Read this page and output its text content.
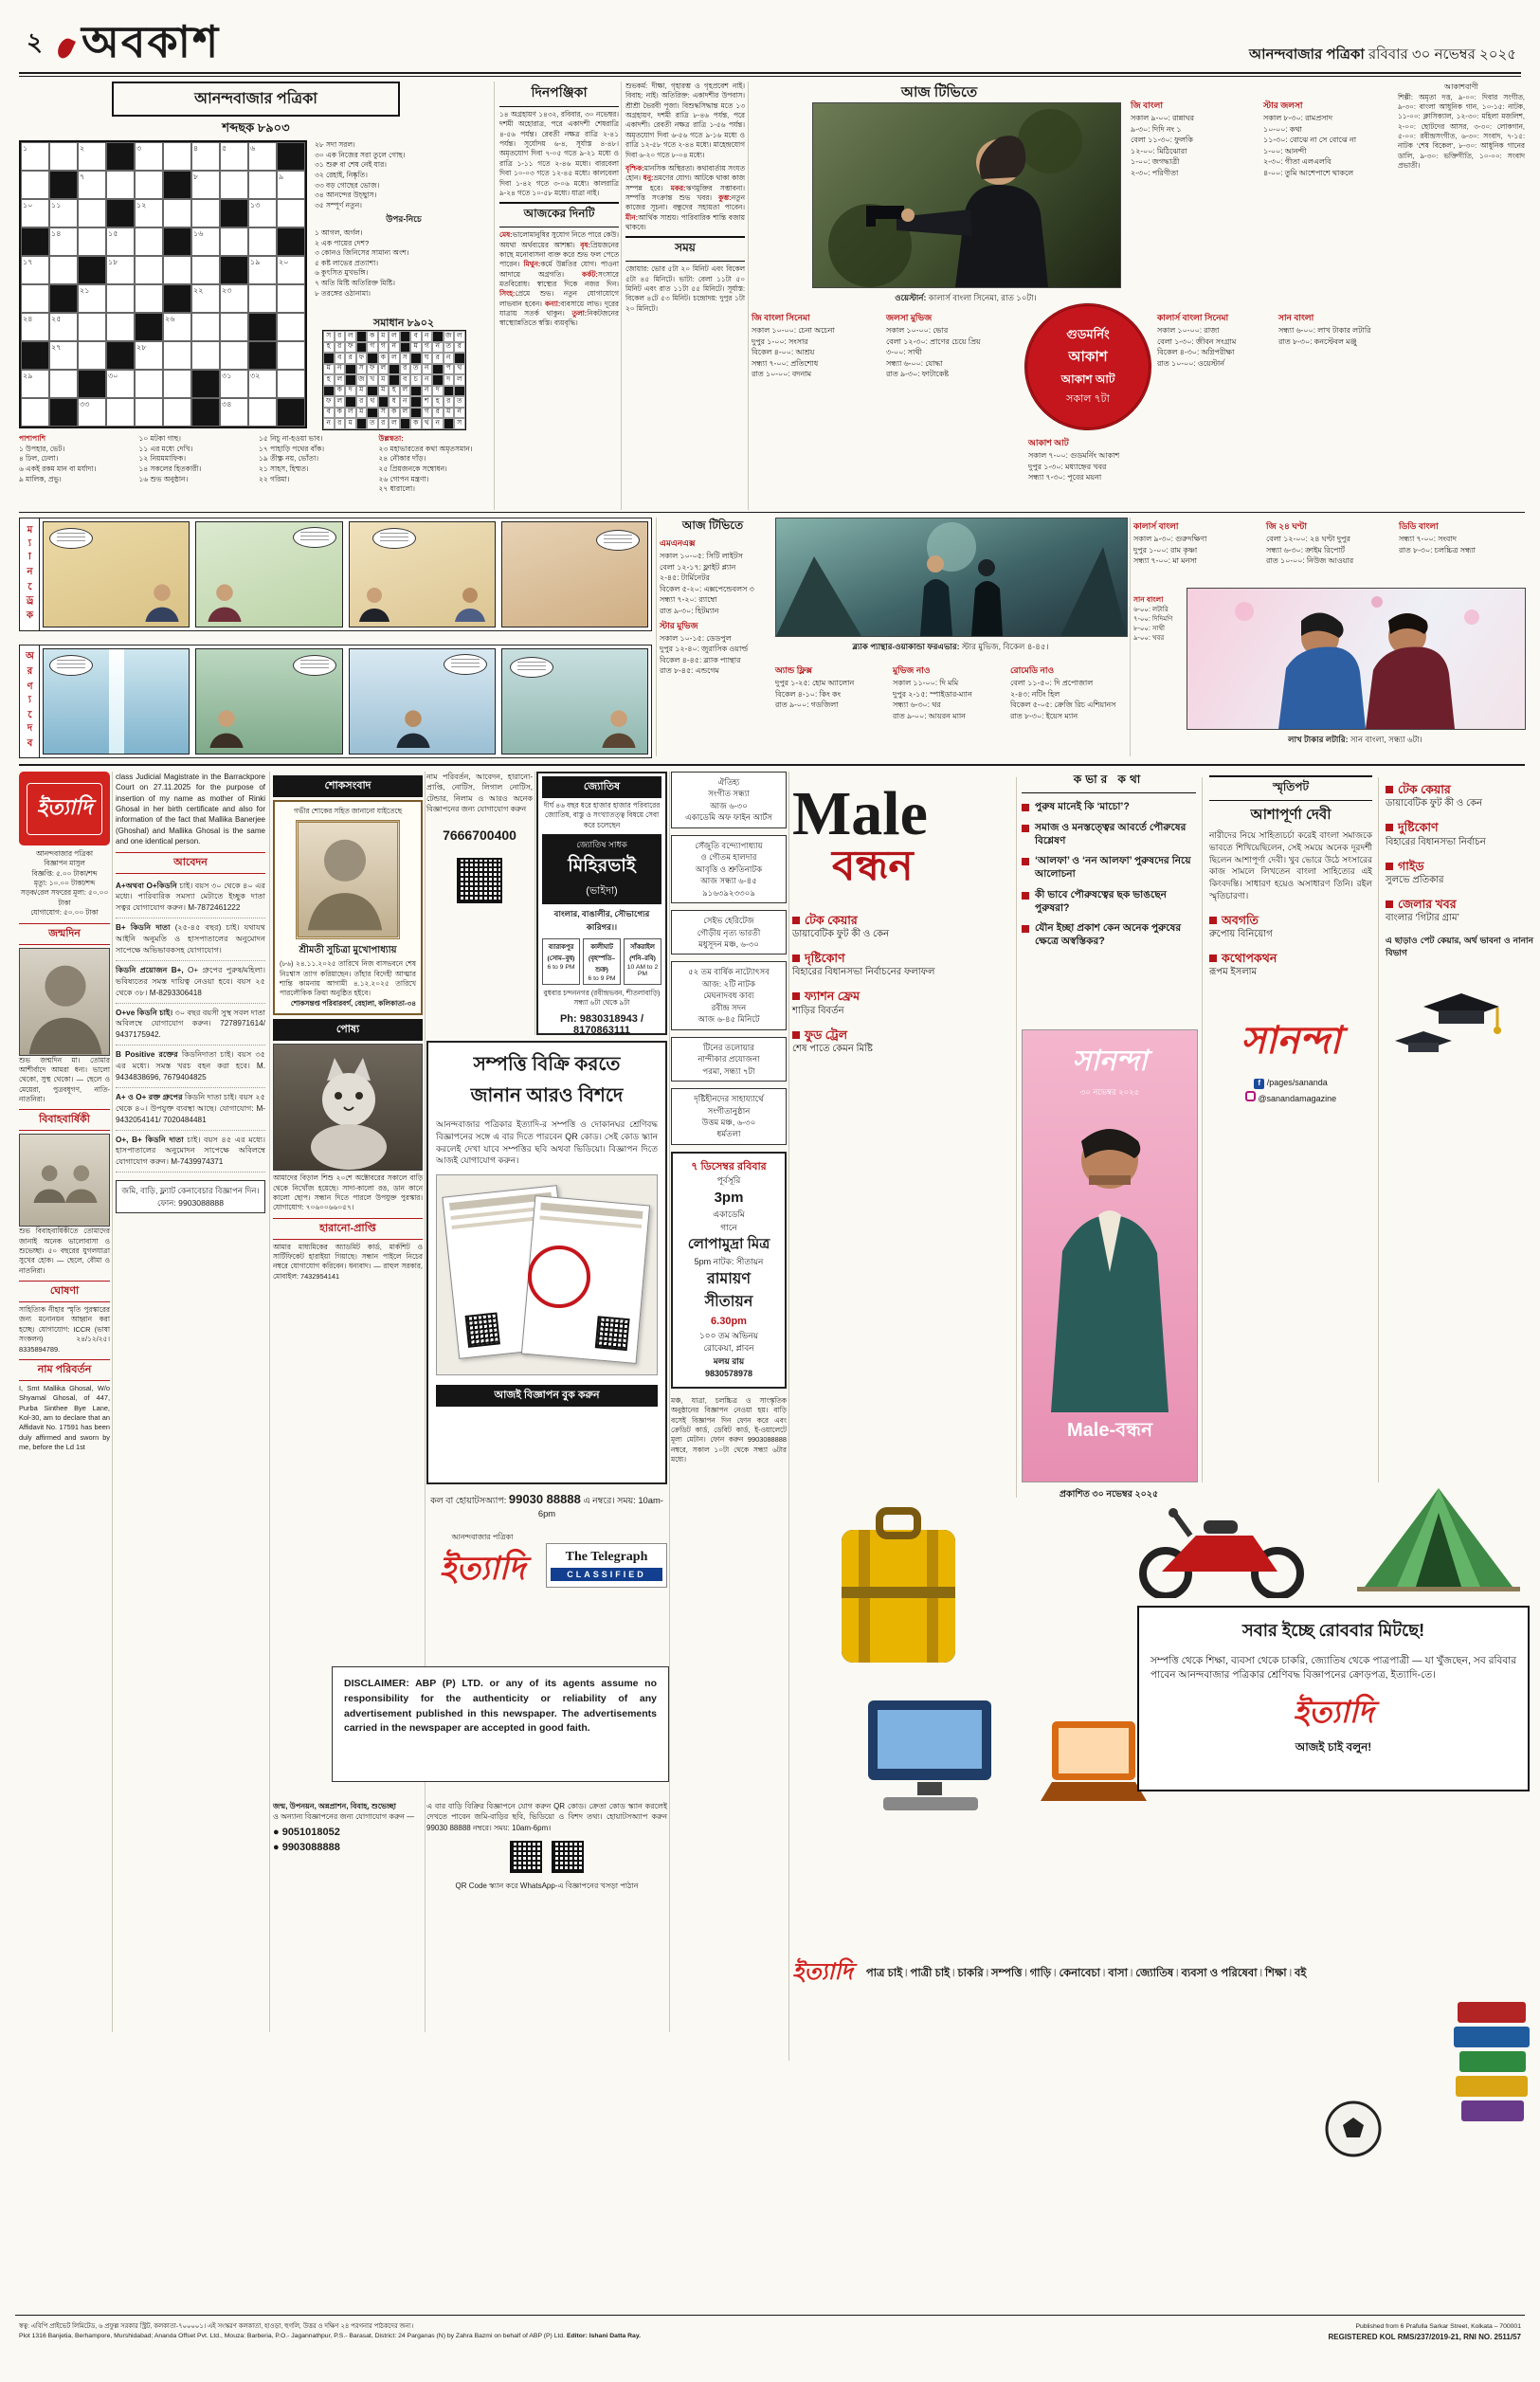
২ অবকাশ	আনন্দবাজার পত্রিকা রবিবার ৩০ নভেম্বর ২০২৫
আনন্দবাজার পত্রিকা
শব্দছক ৮৯০৩
১	২	৩	৪	৫	৬
৭	৮	৯
১০ ১১	১২	১৩
১৪	১৫	১৬
১৭	১৮	১৯ ২০
২১	২২ ২৩
২৪ ২৫	২৬
২৭	২৮
২৯	৩০	৩১ ৩২
৩৩	৩৪
২৮ সদা সরল।
৩০ এক নিজের সরা তুলে গোছ।
৩১ শুরু বা শেষ নেই যার।
৩২ রেহাই, নিষ্কৃতি।
৩৩ বড় গোছের ভোজ।
৩৪ আনন্দের উচ্ছ্বাস।
৩৫ সম্পূর্ণ নতুন।
উপর-নিচে
১ আগল, অর্গল।
২ এক পায়ের দেশ?
৩ কোনও জিনিসের সামান্য অংশ।
৫ কষ্ট লাভের প্রত্যাশা।
৬ কুৎসিত মুখভঙ্গি।
৭ অতি মিষ্টি অতিরিক্ত মিষ্টি।
৮ তরঙ্গের ওঠানামা।
সমাধান ৮৯০২
স র ল	ক ম ল	ব ন	জ ল
হ র ফ	গ গ ন	ম গ ন ত র
ব র ফ	ক ল স	ঘ র ন
ম ন	স ফ ল	র ত ন	প থ
হ ল	জ খ ম	ব চ ন	দ ল
ক দ ম	ম হ ল	ন দ
ফ ল	র থ	ধ ন	শ হ র ত
ব ক ল ম	স ক ল	গ র ম ন
ন র ম	ত র ল	ক থ ন	স
পাশাপাশি
১ উপহার, ভেট।
৪ ঢিল, ঢেলা।
৬ একই রকম মান বা মর্যাদা।
৯ মালিক, প্রভু।
১০ মটকা গাছ।
১১ এর মধ্যে দেখি।
১২ নিয়মমাফিক।
১৪ সকলের হিতকারী।
১৬ শুভ অনুষ্ঠান।
১৫ নিচু না-হওয়া ভাব।
১৭ পাহাড়ি পথের বাঁক।
১৯ তীক্ষ্ণ নয়, ভোঁতা।
২১ সাহস, হিম্মত।
২২ গরিমা।
উল্লম্বতা:
২৩ মহাভারতের কথা অমৃতসমান।
২৪ নৌকার দাঁড়।
২৫ প্রিয়জনকে সম্বোধন।
২৬ গোপন মন্ত্রণা।
২৭ ধারালো।
দিনপঞ্জিকা
১৪ অগ্রহায়ণ ১৪৩২, রবিবার, ৩০ নভেম্বর। দশমী অহোরাত্র, পরে একাদশী শেষরাত্রি ৪-৫৬ পর্যন্ত। রেবতী নক্ষত্র রাত্রি ২-৪১ পর্যন্ত। সূর্যোদয় ৬-৪, সূর্যাস্ত ৪-৪৮। অমৃতযোগ দিবা ৭-০৫ গতে ৯-২১ মধ্যে ও রাত্রি ১-১১ গতে ২-৪৬ মধ্যে। বারবেলা দিবা ১০-০৩ গতে ১২-৪৫ মধ্যে। কালবেলা দিবা ১-৪২ গতে ৩-০৬ মধ্যে। কালরাত্রি ৯-২৪ গতে ১০-৫৮ মধ্যে। যাত্রা নাই।
আজকের দিনটি
মেষ:ভালোমানুষির সুযোগ নিতে পারে কেউ। অযথা অর্থব্যয়ের আশঙ্কা। বৃষ:প্রিয়জনের কাছে মনোবাসনা ব্যক্ত করে শুভ ফল পেতে পারেন। মিথুন:কর্মে উন্নতির যোগ। পাওনা আদায়ে অগ্রগতি। কর্কট:সংসারে মতবিরোধ। স্বাস্থ্যের দিকে নজর দিন। সিংহ:প্রেমে শুভ। নতুন যোগাযোগে লাভবান হবেন। কন্যা:ব্যবসায়ে লাভ। দূরের যাত্রায় সতর্ক থাকুন। তুলা:নিকটজনের স্বাস্থ্যোন্নতিতে স্বস্তি। ব্যয়বৃদ্ধি।
শুভকর্ম: দীক্ষা, গৃহারম্ভ ও গৃহপ্রবেশ নাই। বিবাহ: নাই। অতিরিক্ত: একাদশীর উপবাস। শ্রীশ্রী ভৈরবী পূজা। বিশুদ্ধসিদ্ধান্ত মতে ১৩ অগ্রহায়ণ, দশমী রাত্রি ৮-৪৬ পর্যন্ত, পরে একাদশী। রেবতী নক্ষত্র রাত্রি ১-৫৬ পর্যন্ত। অমৃতযোগ দিবা ৬-৫৬ গতে ৯-১৬ মধ্যে ও রাত্রি ১২-৫৮ গতে ২-৪৪ মধ্যে। মাহেন্দ্রযোগ দিবা ৬-২০ গতে ৮-০৪ মধ্যে।
বৃশ্চিক:মানসিক অস্থিরতা। কথাবার্তায় সংযত হোন। ধনু:ভ্রমণের যোগ। আটকে থাকা কাজ সম্পন্ন হবে। মকর:ঋণমুক্তির সম্ভাবনা। সম্পত্তি সংক্রান্ত শুভ খবর। কুম্ভ:নতুন কাজের সূচনা। বন্ধুদের সহায়তা পাবেন। মীন:আর্থিক সাশ্রয়। পারিবারিক শান্তি বজায় থাকবে।
সময়
জোয়ার: ভোর ৫টা ২০ মিনিট এবং বিকেল ৫টা ৪৫ মিনিটে। ভাটা: বেলা ১১টা ৫০ মিনিট এবং রাত ১১টা ৫৫ মিনিটে। সূর্যাস্ত: বিকেল ৪টে ৫৩ মিনিট। চন্দ্রোদয়: দুপুর ১টা ২০ মিনিটে।
আজ টিভিতে
ওয়েস্টার্ন: কালার্স বাংলা সিনেমা, রাত ১০টা।
জি বাংলা
সকাল ৯-০০: রান্নাঘর
৯-৩০: দিদি নং ১
বেলা ১১-৩০: ফুলকি
১২-০০: মিঠিঝোরা
১-০০: জগদ্ধাত্রী
২-৩০: পরিণীতা
স্টার জলসা
সকাল ৮-৩০: রামপ্রসাদ
১০-০০: কথা
১১-৩০: বোঝে না সে বোঝে না
১-০০: আনন্দী
২-৩০: গীতা এলএলবি
৪-০০: তুমি আশেপাশে থাকলে
আকাশবাণী
শিল্পী: অমৃতা দত্ত, ৯-০০: দিবার সংগীত, ৯-৩০: বাংলা আধুনিক গান, ১০-১৫: নাটক, ১১-০০: ক্লাসিক্যাল, ১২-৩০: মহিলা মজলিশ, ২-০০: ছোটদের আসর, ৩-৩০: লোকগান, ৫-০০: রবীন্দ্রসংগীত, ৬-৩০: সংবাদ, ৭-১৫: নাটক ‘শেষ বিকেল’, ৮-৩০: আধুনিক গানের ডালি, ৯-৩০: ভক্তিগীতি, ১০-০০: সংবাদ প্রভাতী।
জি বাংলা সিনেমা
সকাল ১০-০০: চেনা অচেনা
দুপুর ১-০০: সংসার
বিকেল ৪-০০: আশ্রয়
সন্ধ্যা ৭-০০: প্রতিশোধ
রাত ১০-০০: বদনাম
জলসা মুভিজ
সকাল ১০-০০: ভোর
বেলা ১২-৩০: প্রাণের চেয়ে প্রিয়
৩-০০: সাথী
সন্ধ্যা ৬-০০: যোদ্ধা
রাত ৯-৩০: ফাটাকেষ্ট
গুডমর্নিং
আকাশ
আকাশ আট
সকাল ৭টা
আকাশ আট
সকাল ৭-০০: গুডমর্নিং আকাশ
দুপুর ১-৩০: মধ্যাহ্নের খবর
সন্ধ্যা ৭-৩০: পূবের ময়না
কালার্স বাংলা সিনেমা
সকাল ১০-০০: রাজা
বেলা ১-৩০: জীবন সংগ্রাম
বিকেল ৪-৩০: অগ্নিপরীক্ষা
রাত ১০-০০: ওয়েস্টার্ন
সান বাংলা
সন্ধ্যা ৬-০০: লাখ টাকার লটারি
রাত ৮-৩০: কনস্টেবল মঞ্জু
ম্যানড্রেক
অরণ্যদেব
আজ টিভিতে
এমএনএক্স
সকাল ১০-০৫: সিটি লাইটস
বেলা ১২-১৭: ফ্লাইট প্ল্যান
২-৪৫: টার্মিনেটর
বিকেল ৫-২০: এক্সপেন্ডেবলস ৩
সন্ধ্যা ৭-২০: র‍্যাম্বো
রাত ৯-৩০: হিটম্যান
স্টার মুভিজ
সকাল ১০-১৫: ডেডপুল
দুপুর ১২-৪০: জুরাসিক ওয়ার্ল্ড
বিকেল ৪-৪৫: ব্ল্যাক প্যান্থার
রাত ৮-৪৫: এন্ডগেম
ব্ল্যাক প্যান্থার-ওয়াকান্ডা ফরএভার: স্টার মুভিজ, বিকেল ৪-৪৫।
অ্যান্ড ফ্লিক্স
দুপুর ১-২৫: হোম অ্যালোন
বিকেল ৪-১০: কিং কং
রাত ৯-০০: গডজিলা
মুভিজ নাও
সকাল ১১-০০: দি মমি
দুপুর ২-১৫: স্পাইডার-ম্যান
সন্ধ্যা ৬-৩০: থর
রাত ৯-০০: আয়রন ম্যান
রোমেডি নাও
বেলা ১১-৫০: দি প্রপোজাল
২-৪৩: নটিং হিল
বিকেল ৫-০৫: ক্রেজি রিচ এশিয়ানস
রাত ৮-৩০: ইয়েস ম্যান
কালার্স বাংলা
সকাল ৯-৩০: গুরুদক্ষিণা
দুপুর ১-০০: রাম কৃষ্ণা
সন্ধ্যা ৭-০০: মা মনসা
জি ২৪ ঘণ্টা
বেলা ১২-০০: ২৪ ঘণ্টা দুপুর
সন্ধ্যা ৬-৩০: ক্রাইম রিপোর্ট
রাত ১০-০০: নিউজ আওয়ার
ডিডি বাংলা
সন্ধ্যা ৭-০০: সংবাদ
রাত ৮-৩০: চলচ্চিত্র সন্ধ্যা
সান বাংলা
৬-০০: লটারি
৭-০০: দিদিমণি
৮-০০: সাথী
৯-০০: খবর
লাখ টাকার লটারি: সান বাংলা, সন্ধ্যা ৬টা।
ইত্যাদি
আনন্দবাজার পত্রিকা
বিজ্ঞাপন মাসুল
বিজ্ঞপ্তি: ৫.০০ টাকা/শব্দ
মৃত্যু: ১০.০০ টাকা/শব্দ
সড়ক/রেল সফরের মূল্য: ৫০.০০ টাকা
যোগাযোগ: ৫০.০০ টাকা
জন্মদিন
শুভ জন্মদিন মা। তোমার আশীর্বাদে আমরা ধন্য। ভালো থেকো, সুস্থ থেকো। — ছেলে ও মেয়েরা, পুত্রবধূগণ, নাতি-নাতনিরা।
বিবাহবার্ষিকী
শুভ বিবাহবার্ষিকীতে তোমাদের জানাই অনেক ভালোবাসা ও শুভেচ্ছা। ৫০ বছরের যুগলযাত্রা সুখের হোক। — ছেলে, বৌমা ও নাতনিরা।
ঘোষণা
সাহিত্যিক নীহার স্মৃতি পুরস্কারের জন্য মনোনয়ন আহ্বান করা হচ্ছে। যোগাযোগ: ICCR (ভাষা সংকলন) ২৪/১২/২৫। 8335894789.
নাম পরিবর্তন
I, Smt Mallika Ghosal, W/o Shyamal Ghosal, of 447, Purba Sinthee Bye Lane, Kol-30, am to declare that an Affidavit No. 17591 has been duly affirmed and sworn by me, before the Ld 1st
class Judicial Magistrate in the Barrackpore Court on 27.11.2025 for the purpose of insertion of my name as mother of Rinki Ghosal in her birth certificate and also for information of the fact that Mallika Banerjee (Ghoshal) and Mallika Ghosal is the same and one identical person.
আবেদন
A+অথবা O+কিডনি চাই। বয়স ৩০ থেকে ৪০ এর মধ্যে। পারিবারিক সমস্যা মেটাতে ইচ্ছুক দাতা সত্বর যোগাযোগ করুন। M-7872461222
B+ কিডনি দাতা (২৫-৪৫ বছর) চাই। যথাযথ আইনি অনুমতি ও হাসপাতালের অনুমোদন সাপেক্ষে অভিভাবকসহ যোগাযোগ।
কিডনি প্রয়োজন B+, O+ গ্রুপের পুরুষ/মহিলা। ভবিষ্যতের সমস্ত দায়িত্ব নেওয়া হবে। বয়স ২৫ থেকে ৩৮। M-8293306418
O+ve কিডনি চাই। ৩০ বছর বয়সী সুস্থ সবল দাতা অবিলম্বে যোগাযোগ করুন। 7278971614/ 9437175942.
B Positive রক্তের কিডনিদাতা চাই। বয়স ৩৫ এর মধ্যে। সমস্ত খরচ বহন করা হবে। M. 9434838696, 7679404825
A+ ও O+ রক্ত গ্রুপের কিডনি দাতা চাই। বয়স ২৫ থেকে ৪০। উপযুক্ত ব্যবস্থা আছে। যোগাযোগ: M-9432054141/ 7020484481
O+, B+ কিডনি দাতা চাই। বয়স ৪৫ এর মধ্যে। হাসপাতালের অনুমোদন সাপেক্ষে অবিলম্বে যোগাযোগ করুন। M-7439974371
জমি, বাড়ি, ফ্ল্যাট কেনাবেচার বিজ্ঞাপন দিন। ফোন: 9903088888
শোকসংবাদ
গভীর শোকের সহিত জানানো যাইতেছে
শ্রীমতী সুচিত্রা মুখোপাধ্যায়
(৮৬) ২৪.১১.২০২৫ তারিখে নিজ বাসভবনে শেষ নিঃশ্বাস ত্যাগ করিয়াছেন। তাঁহার বিদেহী আত্মার শান্তি কামনায় আগামী ৪.১২.২০২৫ তারিখে পারলৌকিক ক্রিয়া অনুষ্ঠিত হইবে।
শোকসন্তপ্ত পরিবারবর্গ, বেহালা, কলিকাতা-৩৪
পোষ্য
আমাদের বিড়াল শিশু ২০শে অক্টোবরের সকালে বাড়ি থেকে নিখোঁজ হয়েছে। সাদা-কালো রঙ, ডান কানে কালো ছোপ। সন্ধান দিতে পারলে উপযুক্ত পুরস্কার। যোগাযোগ: ৭০৬০০৬৬০৫৭।
হারানো-প্রাপ্তি
আমার মাধ্যমিকের অ্যাডমিট কার্ড, মার্কশিট ও সার্টিফিকেট হারাইয়া গিয়াছে। সন্ধান পাইলে নিচের নম্বরে যোগাযোগ করিবেন। ধন্যবাদ। — রাহুল সরকার, মোবাইল: 7432954141
নাম পরিবর্তন, আবেদন, হারানো-প্রাপ্তি, নোটিস, লিগাল নোটিস, টেন্ডার, নিলাম ও আরও অনেক বিজ্ঞাপনের জন্য যোগাযোগ করুন
7666700400
জ্যোতিষ
দীর্ঘ ৪৬ বছর ধরে হাজার হাজার পরিবারের জ্যোতিষ, বাস্তু ও সংখ্যাতত্ত্ব বিষয়ে সেবা করে চলেছেন
জ্যোতিষ সাধক
মিহিরভাই
(ভাইদা)
বাংলার, বাঙালীর, সৌভাগ্যের কারিগর।।
ব্যারাকপুর (সোম–বুধ)
6 to 9 PM
কালীঘাট (বৃহস্পতি–শুক্র)
6 to 9 PM
সাঁকরাইল (শনি–রবি)
10 AM to 2 PM
বুধবার চন্দননগর (রবীন্দ্রভবন, শীতলাবাড়ি) সন্ধ্যা ৬টা থেকে ৯টা
Ph: 9830318943 / 8170863111
সম্পত্তি বিক্রি করতে
জানান আরও বিশদে
আনন্দবাজার পত্রিকার ইত্যাদি-র সম্পত্তি ও দোকানঘর শ্রেণিবদ্ধ বিজ্ঞাপনের সঙ্গে এ বার দিতে পারবেন QR কোড। সেই কোড স্ক্যান করলেই দেখা যাবে সম্পত্তির ছবি অথবা ভিডিয়ো। বিজ্ঞাপন দিতে আজই যোগাযোগ করুন।
আজই বিজ্ঞাপন বুক করুন
কল বা হোয়াটসঅ্যাপ: 99030 88888 এ নম্বরে। সময়: 10am-6pm
আনন্দবাজার পত্রিকা
ইত্যাদি	The Telegraph
CLASSIFIED
DISCLAIMER: ABP (P) LTD. or any of its agents assume no responsibility for the authenticity or reliability of any advertisement published in this newspaper. The advertisements carried in the newspaper are accepted in good faith.
জন্ম, উপনয়ন, অন্নপ্রাশন, বিবাহ, শুভেচ্ছা
ও অন্যান্য বিজ্ঞাপনের জন্য যোগাযোগ করুন —
● 9051018052
● 9903088888
এ বার বাড়ি বিক্রির বিজ্ঞাপনে যোগ করুন QR কোড। ক্রেতা কোড স্ক্যান করলেই দেখতে পাবেন জমি-বাড়ির ছবি, ভিডিয়ো ও বিশদ তথ্য। হোয়াটসঅ্যাপ করুন 99030 88888 নম্বরে। সময়: 10am-6pm।
QR Code স্ক্যান করে WhatsApp-এ বিজ্ঞাপনের খসড়া পাঠান
ঐতিহ্য
সংগীত সন্ধ্যা
আজ ৬-৩০
একাডেমি অফ ফাইন আর্টস
সেঁজুতি বন্দ্যোপাধ্যায়
ও গৌতম হালদার
আবৃত্তি ও শ্রুতিনাটক
আজ সন্ধ্যা ৬-৪৫
৯১৬৩৯২৩৩০৯
সেইভ হেরিটেজ
গৌড়ীয় নৃত্য ভারতী
মধুসূদন মঞ্চ, ৬-৩০
৫২ তম বার্ষিক নাট্যোৎসব
আজ: ২টি নাটক
মেঘনাদবধ কাব্য
রবীন্দ্র সদন
আজ ৬-৪৫ মিনিটে
টিনের তলোয়ার
নান্দীকার প্রযোজনা
পরমা, সন্ধ্যা ৭টা
দৃষ্টিহীনদের সাহায্যার্থে
সংগীতানুষ্ঠান
উত্তম মঞ্চ, ৬-৩০
ধর্মতলা
৭ ডিসেম্বর রবিবার
পূর্বসূরি
3pm
একাডেমি
গানে
লোপামুদ্রা মিত্র
5pm নাটক: সীতায়ন
রামায়ণ
সীতায়ন
6.30pm
১০০ তম অভিনয়
রোকেয়া, প্লাবন
মলয় রায়
9830578978
মঞ্চ, যাত্রা, চলচ্চিত্র ও সাংস্কৃতিক অনুষ্ঠানের বিজ্ঞাপন নেওয়া হয়। বাড়ি বসেই বিজ্ঞাপন দিন ফোন করে এবং ক্রেডিট কার্ড, ডেবিট কার্ড, ই-ওয়ালেটে মূল্য মেটান। ফোন করুন 9903088888 নম্বরে, সকাল ১০টা থেকে সন্ধ্যা ৬টার মধ্যে।
Male
বন্ধন
টেক কেয়ার
ডায়াবেটিক ফুট কী ও কেন
দৃষ্টিকোণ
বিহারের বিধানসভা নির্বাচনের ফলাফল
ফ্যাশন ফ্রেম
শাড়ির বিবর্তন
ফুড ট্রেল
শেষ পাতে কেমন মিষ্টি
কভার কথা
পুরুষ মানেই কি ‘মাচো’?
সমাজ ও মনস্তত্ত্বের আবর্তে পৌরুষের বিশ্লেষণ
‘আলফা’ ও ‘নন আলফা’ পুরুষদের নিয়ে আলোচনা
কী ভাবে পৌরুষত্বের ছক ভাঙছেন পুরুষরা?
যৌন ইচ্ছা প্রকাশ কেন অনেক পুরুষের ক্ষেত্রে অস্বস্তিকর?
সানন্দা
৩০ নভেম্বর ২০২৫
Male-বন্ধন
প্রকাশিত ৩০ নভেম্বর ২০২৫
স্মৃতিপট
আশাপূর্ণা দেবী
নারীদের নিয়ে সাহিত্যচর্চা করেই বাংলা সমাজকে ভাবতে শিখিয়েছিলেন, সেই সময়ে অনেক দূরদর্শী ছিলেন আশাপূর্ণা দেবী। খুব ভোরে উঠে সংসারের কাজ সামলে লিখতেন বাংলা সাহিত্যের এই কিংবদন্তি। সাধারণ হয়েও অসাধারণ তিনি। রইল স্মৃতিচারণা।
অবগতি
রুপোয় বিনিয়োগ
কথোপকথন
রূপম ইসলাম
সানন্দা
f /pages/sananda
@sanandamagazine
টেক কেয়ার
ডায়াবেটিক ফুট কী ও কেন
দুষ্টিকোণ
বিহারের বিধানসভা নির্বাচন
গাইড
সুলভে প্রতিকার
জেলার খবর
বাংলার ‘গিটার গ্রাম’
এ ছাড়াও পেট কেয়ার, অর্থ ভাবনা ও নানান বিভাগ
সবার ইচ্ছে রোববার মিটছে!
সম্পত্তি থেকে শিক্ষা, ব্যবসা থেকে চাকরি, জ্যোতিষ থেকে পাত্রপাত্রী — যা খুঁজছেন, সব রবিবার পাবেন আনন্দবাজার পত্রিকার শ্রেণিবদ্ধ বিজ্ঞাপনের ক্রোড়পত্র, ইত্যাদি-তে।
ইত্যাদি
আজই চাই বলুন!
ইত্যাদি পাত্র চাই ৷ পাত্রী চাই ৷ চাকরি ৷ সম্পত্তি ৷ গাড়ি ৷ কেনাবেচা ৷ বাসা ৷ জ্যোতিষ ৷ ব্যবসা ও পরিষেবা ৷ শিক্ষা ৷ বই
স্বত্ব: এবিপি প্রাইভেট লিমিটেড, ৬ প্রফুল্ল সরকার স্ট্রিট, কলকাতা-৭০০০০১। এই সংস্করণ কলকাতা, হাওড়া, হুগলি, উত্তর ও দক্ষিণ ২৪ পরগনার পাঠকদের জন্য।
Plot 1316 Banjetia, Berhampore, Murshidabad; Ananda Offset Pvt. Ltd., Mouza: Barberia, P.O.- Jagannathpur, P.S.- Barasat, District: 24 Parganas (N) by Zahra Bazmi on behalf of ABP (P) Ltd. Editor: Ishani Datta Ray.
Published from 6 Prafulla Sarkar Street, Kolkata – 700001
REGISTERED KOL RMS/237/2019-21, RNI NO. 2511/57
